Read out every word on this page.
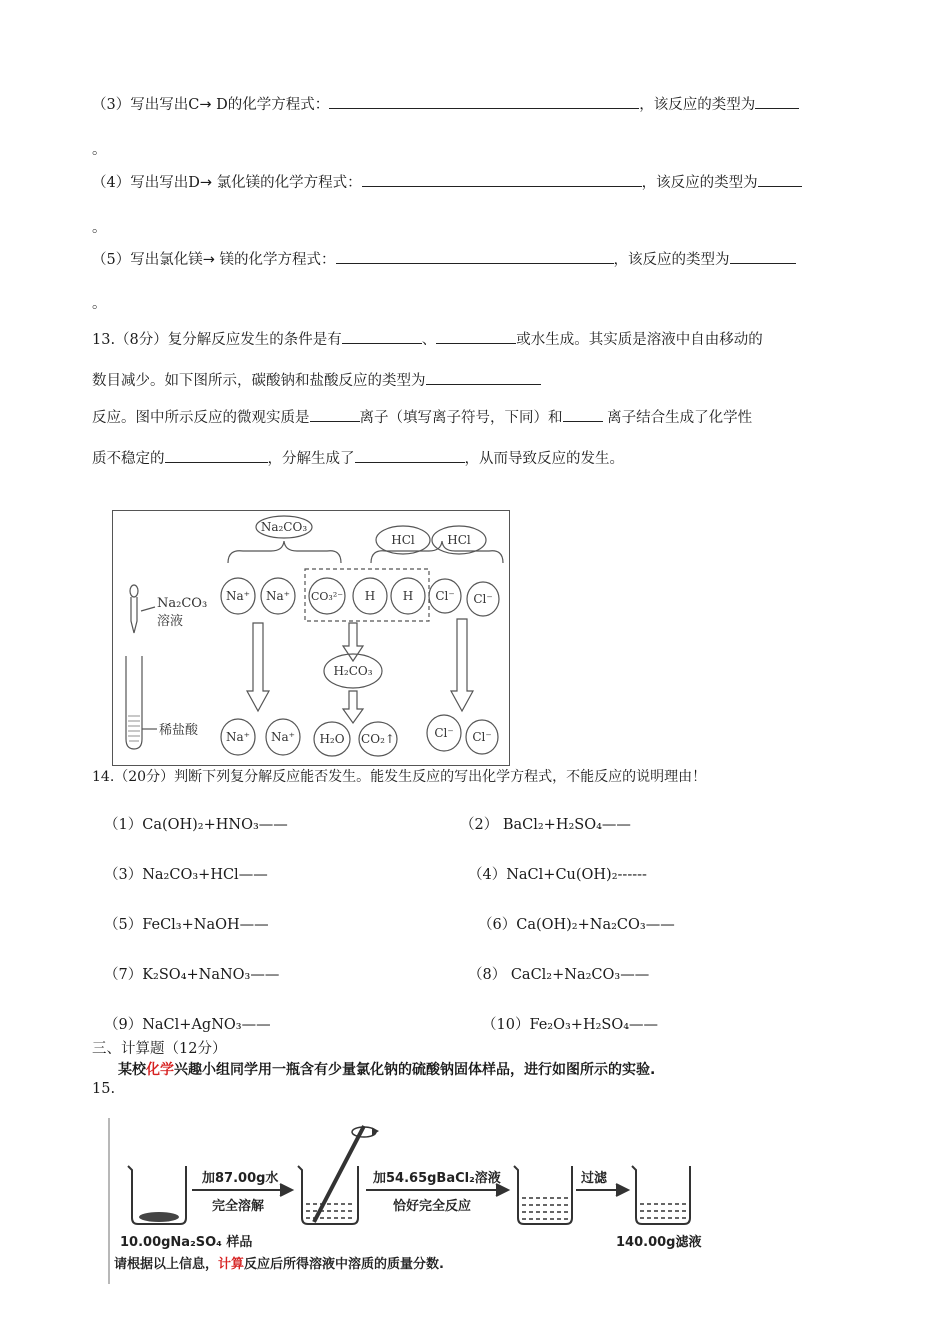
（3）写出写出C→ D的化学方程式：	，该反应的类型为
。
（4）写出写出D→ 氯化镁的化学方程式：	，该反应的类型为
。
（5）写出氯化镁→ 镁的化学方程式：	，该反应的类型为
。
13.（8分）复分解反应发生的条件是有	、	或水生成。其实质是溶液中自由移动的
数目减少。如下图所示，碳酸钠和盐酸反应的类型为
反应。图中所示反应的微观实质是	离子（填写离子符号，下同）和	离子结合生成了化学性
质不稳定的	，分解生成了	，从而导致反应的发生。
Na₂CO₃
HCl	HCl
Na⁺ Na⁺ CO₃²⁻ H H Cl⁻ Cl⁻
H₂CO₃
Na⁺ Na⁺ H₂O CO₂↑	Cl⁻ Cl⁻
Na₂CO₃
溶液
稀盐酸
14.（20分）判断下列复分解反应能否发生。能发生反应的写出化学方程式，不能反应的说明理由！
（1）Ca(OH)₂+HNO₃——	（2） BaCl₂+H₂SO₄——
（3）Na₂CO₃+HCl——	（4）NaCl+Cu(OH)₂------
（5）FeCl₃+NaOH——	（6）Ca(OH)₂+Na₂CO₃——
（7）K₂SO₄+NaNO₃——	（8） CaCl₂+Na₂CO₃——
（9）NaCl+AgNO₃——	（10）Fe₂O₃+H₂SO₄——
三、计算题（12分）
某校化学兴趣小组同学用一瓶含有少量氯化钠的硫酸钠固体样品，进行如图所示的实验.
15.
加87.00g水
完全溶解
加54.65gBaCl₂溶液
恰好完全反应
过滤
10.00gNa₂SO₄ 样品	140.00g滤液
请根据以上信息，计算反应后所得溶液中溶质的质量分数.
